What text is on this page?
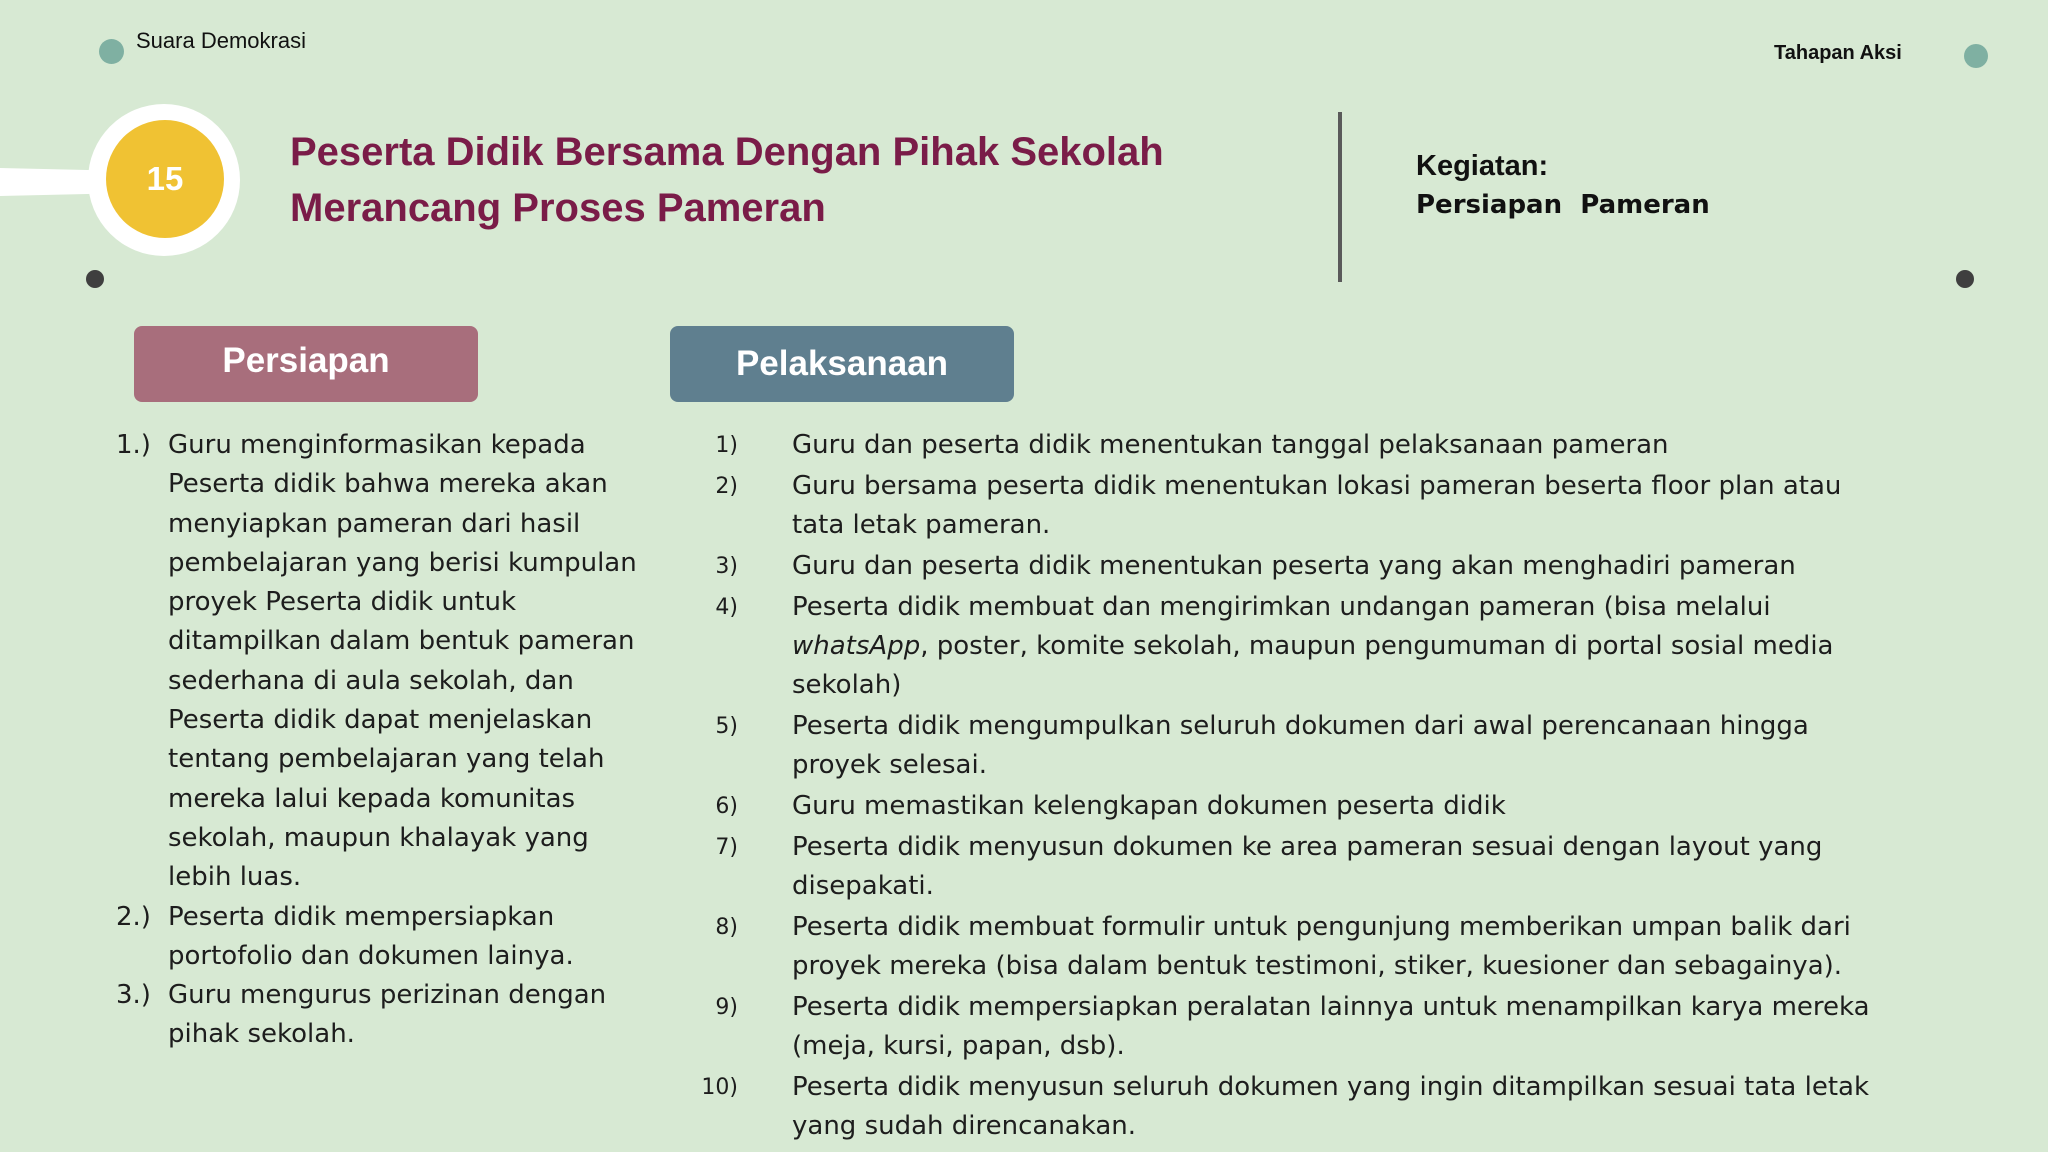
Suara Demokrasi	Tahapan Aksi
15
Peserta Didik Bersama Dengan Pihak Sekolah
Merancang Proses Pameran
Kegiatan:
Persiapan  Pameran
Persiapan	Pelaksanaan
1.) Guru menginformasikan kepada Peserta didik bahwa mereka akan menyiapkan pameran dari hasil pembelajaran yang berisi kumpulan proyek Peserta didik untuk ditampilkan dalam bentuk pameran sederhana di aula sekolah, dan Peserta didik dapat menjelaskan tentang pembelajaran yang telah mereka lalui kepada komunitas sekolah, maupun khalayak yang lebih luas.
2.) Peserta didik mempersiapkan portofolio dan dokumen lainya.
3.) Guru mengurus perizinan dengan pihak sekolah.
1)	Guru dan peserta didik menentukan tanggal pelaksanaan pameran
2)	Guru bersama peserta didik menentukan lokasi pameran beserta floor plan atau tata letak pameran.
3)	Guru dan peserta didik menentukan peserta yang akan menghadiri pameran
4)	Peserta didik membuat dan mengirimkan undangan pameran (bisa melalui whatsApp, poster, komite sekolah, maupun pengumuman di portal sosial media sekolah)
5)	Peserta didik mengumpulkan seluruh dokumen dari awal perencanaan hingga proyek selesai.
6)	Guru memastikan kelengkapan dokumen peserta didik
7)	Peserta didik menyusun dokumen ke area pameran sesuai dengan layout yang disepakati.
8)	Peserta didik membuat formulir untuk pengunjung memberikan umpan balik dari proyek mereka (bisa dalam bentuk testimoni, stiker, kuesioner dan sebagainya).
9)	Peserta didik mempersiapkan peralatan lainnya untuk menampilkan karya mereka (meja, kursi, papan, dsb).
10)	Peserta didik menyusun seluruh dokumen yang ingin ditampilkan sesuai tata letak yang sudah direncanakan.
